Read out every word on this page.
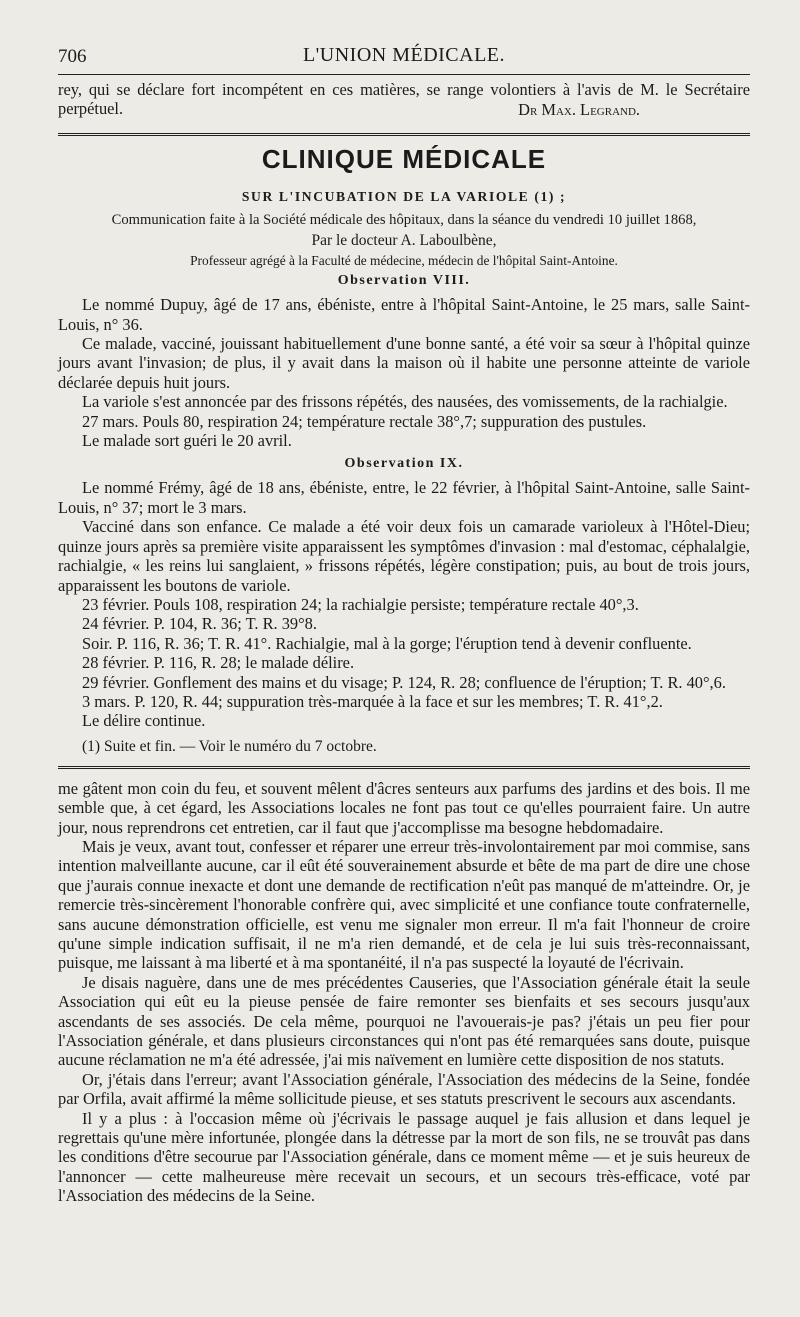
706	L'UNION MÉDICALE.

rey, qui se déclare fort incompétent en ces matières, se range volontiers à l'avis de M. le Secrétaire perpétuel.	Dr Max. Legrand.

CLINIQUE MÉDICALE
SUR L'INCUBATION DE LA VARIOLE (1) ;
Communication faite à la Société médicale des hôpitaux, dans la séance du vendredi 10 juillet 1868,
Par le docteur A. Laboulbène,
Professeur agrégé à la Faculté de médecine, médecin de l'hôpital Saint-Antoine.
Observation VIII.

Le nommé Dupuy, âgé de 17 ans, ébéniste, entre à l'hôpital Saint-Antoine, le 25 mars, salle Saint-Louis, n° 36.

Ce malade, vacciné, jouissant habituellement d'une bonne santé, a été voir sa sœur à l'hôpital quinze jours avant l'invasion; de plus, il y avait dans la maison où il habite une personne atteinte de variole déclarée depuis huit jours.

La variole s'est annoncée par des frissons répétés, des nausées, des vomissements, de la rachialgie.

27 mars. Pouls 80, respiration 24; température rectale 38°,7; suppuration des pustules.

Le malade sort guéri le 20 avril.

Observation IX.

Le nommé Frémy, âgé de 18 ans, ébéniste, entre, le 22 février, à l'hôpital Saint-Antoine, salle Saint-Louis, n° 37; mort le 3 mars.

Vacciné dans son enfance. Ce malade a été voir deux fois un camarade varioleux à l'Hôtel-Dieu; quinze jours après sa première visite apparaissent les symptômes d'invasion : mal d'estomac, céphalalgie, rachialgie, « les reins lui sanglaient, » frissons répétés, légère constipation; puis, au bout de trois jours, apparaissent les boutons de variole.

23 février. Pouls 108, respiration 24; la rachialgie persiste; température rectale 40°,3.

24 février. P. 104, R. 36; T. R. 39°8.

Soir. P. 116, R. 36; T. R. 41°. Rachialgie, mal à la gorge; l'éruption tend à devenir confluente.

28 février. P. 116, R. 28; le malade délire.

29 février. Gonflement des mains et du visage; P. 124, R. 28; confluence de l'éruption; T. R. 40°,6.

3 mars. P. 120, R. 44; suppuration très-marquée à la face et sur les membres; T. R. 41°,2.

Le délire continue.

(1) Suite et fin. — Voir le numéro du 7 octobre.

me gâtent mon coin du feu, et souvent mêlent d'âcres senteurs aux parfums des jardins et des bois. Il me semble que, à cet égard, les Associations locales ne font pas tout ce qu'elles pourraient faire. Un autre jour, nous reprendrons cet entretien, car il faut que j'accomplisse ma besogne hebdomadaire.

Mais je veux, avant tout, confesser et réparer une erreur très-involontairement par moi commise, sans intention malveillante aucune, car il eût été souverainement absurde et bête de ma part de dire une chose que j'aurais connue inexacte et dont une demande de rectification n'eût pas manqué de m'atteindre. Or, je remercie très-sincèrement l'honorable confrère qui, avec simplicité et une confiance toute confraternelle, sans aucune démonstration officielle, est venu me signaler mon erreur. Il m'a fait l'honneur de croire qu'une simple indication suffisait, il ne m'a rien demandé, et de cela je lui suis très-reconnaissant, puisque, me laissant à ma liberté et à ma spontanéité, il n'a pas suspecté la loyauté de l'écrivain.

Je disais naguère, dans une de mes précédentes Causeries, que l'Association générale était la seule Association qui eût eu la pieuse pensée de faire remonter ses bienfaits et ses secours jusqu'aux ascendants de ses associés. De cela même, pourquoi ne l'avouerais-je pas? j'étais un peu fier pour l'Association générale, et dans plusieurs circonstances qui n'ont pas été remarquées sans doute, puisque aucune réclamation ne m'a été adressée, j'ai mis naïvement en lumière cette disposition de nos statuts.

Or, j'étais dans l'erreur; avant l'Association générale, l'Association des médecins de la Seine, fondée par Orfila, avait affirmé la même sollicitude pieuse, et ses statuts prescrivent le secours aux ascendants.

Il y a plus : à l'occasion même où j'écrivais le passage auquel je fais allusion et dans lequel je regrettais qu'une mère infortunée, plongée dans la détresse par la mort de son fils, ne se trouvât pas dans les conditions d'être secourue par l'Association générale, dans ce moment même — et je suis heureux de l'annoncer — cette malheureuse mère recevait un secours, et un secours très-efficace, voté par l'Association des médecins de la Seine.
